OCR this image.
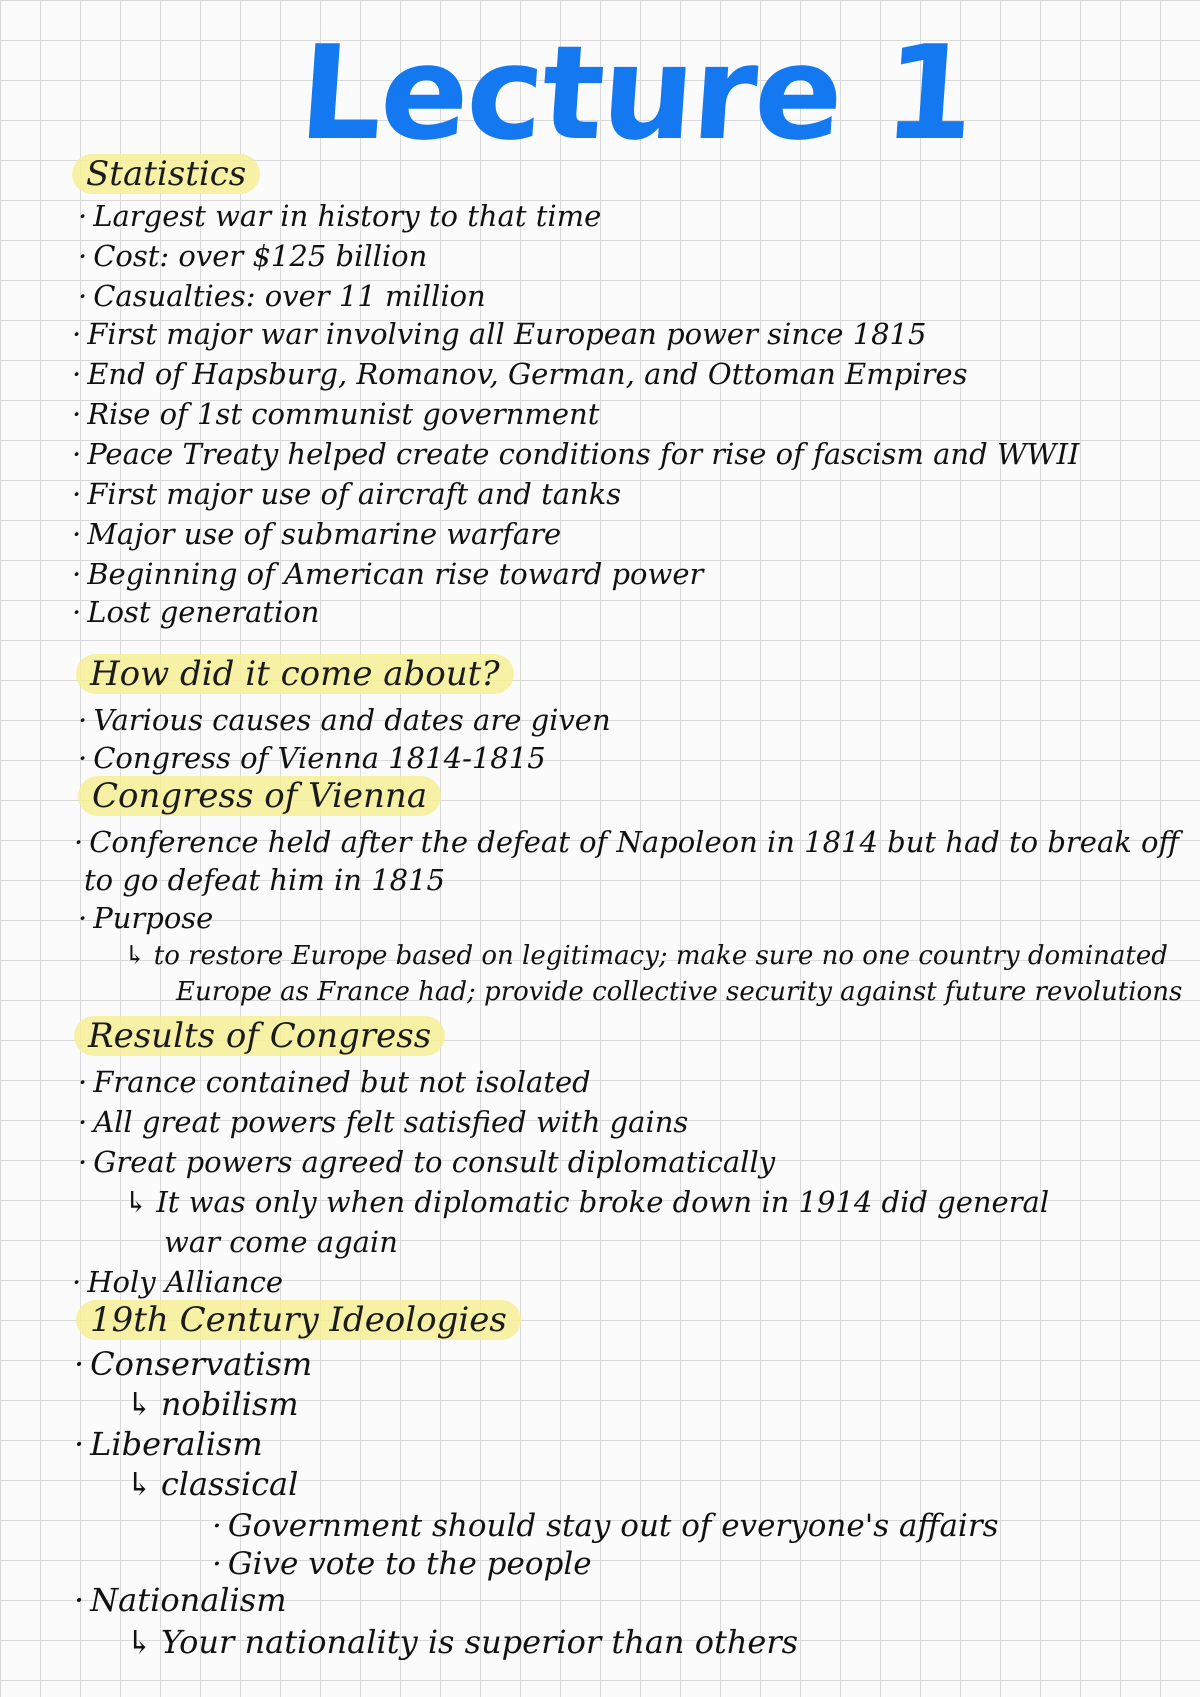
Lecture 1
Statistics
· Largest war in history to that time
· Cost: over $125 billion
· Casualties: over 11 million
· First major war involving all European power since 1815
· End of Hapsburg, Romanov, German, and Ottoman Empires
· Rise of 1st communist government
· Peace Treaty helped create conditions for rise of fascism and WWII
· First major use of aircraft and tanks
· Major use of submarine warfare
· Beginning of American rise toward power
· Lost generation
How did it come about?
· Various causes and dates are given
· Congress of Vienna 1814-1815
Congress of Vienna
· Conference held after the defeat of Napoleon in 1814 but had to break off
to go defeat him in 1815
· Purpose
↳ to restore Europe based on legitimacy; make sure no one country dominated
Europe as France had; provide collective security against future revolutions
Results of Congress
· France contained but not isolated
· All great powers felt satisfied with gains
· Great powers agreed to consult diplomatically
↳ It was only when diplomatic broke down in 1914 did general
war come again
· Holy Alliance
19th Century Ideologies
· Conservatism
↳ nobilism
· Liberalism
↳ classical
· Government should stay out of everyone's affairs
· Give vote to the people
· Nationalism
↳ Your nationality is superior than others
